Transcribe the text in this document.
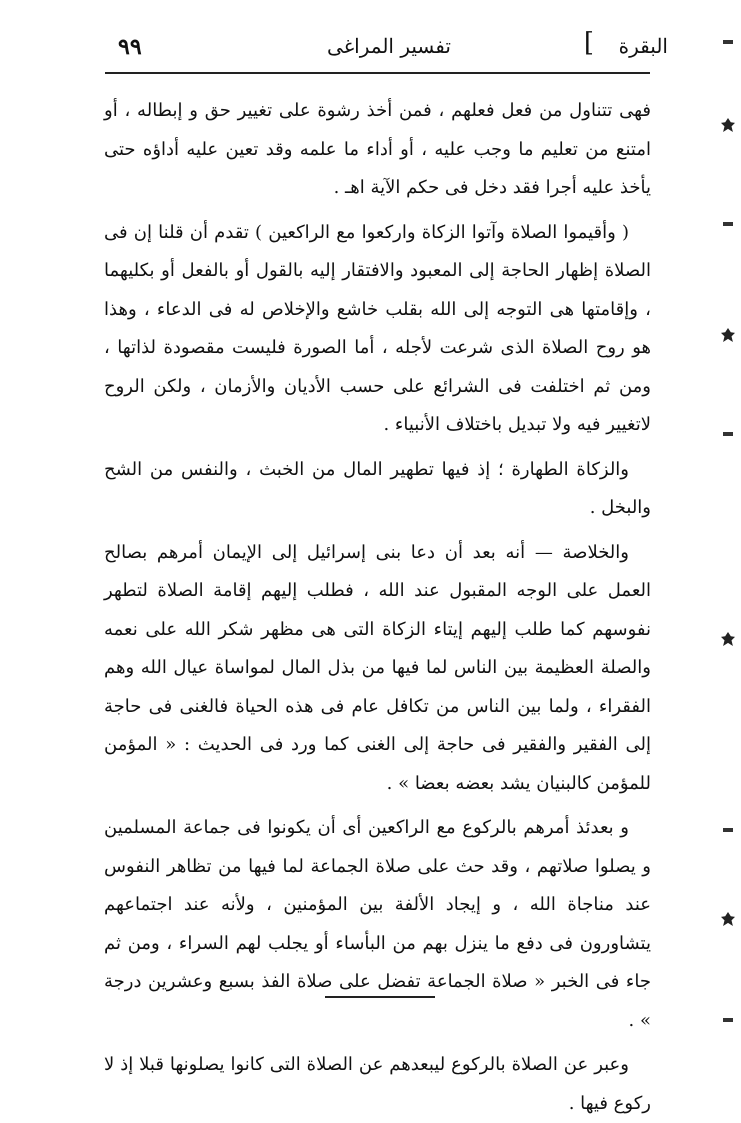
البقرة
]
تفسير المراغى
٩٩

فهى تتناول من فعل فعلهم ، فمن أخذ رشوة على تغيير حق و إبطاله ، أو امتنع من تعليم ما وجب عليه ، أو أداء ما علمه وقد تعين عليه أداؤه حتى يأخذ عليه أجرا فقد دخل فى حكم الآية اهـ .

( وأقيموا الصلاة وآتوا الزكاة واركعوا مع الراكعين ) تقدم أن قلنا إن فى الصلاة إظهار الحاجة إلى المعبود والافتقار إليه بالقول أو بالفعل أو بكليهما ، وإقامتها هى التوجه إلى الله بقلب خاشع والإخلاص له فى الدعاء ، وهذا هو روح الصلاة الذى شرعت لأجله ، أما الصورة فليست مقصودة لذاتها ، ومن ثم اختلفت فى الشرائع على حسب الأديان والأزمان ، ولكن الروح لاتغيير فيه ولا تبديل باختلاف الأنبياء .

والزكاة الطهارة ؛ إذ فيها تطهير المال من الخبث ، والنفس من الشح والبخل .

والخلاصة — أنه بعد أن دعا بنى إسرائيل إلى الإيمان أمرهم بصالح العمل على الوجه المقبول عند الله ، فطلب إليهم إقامة الصلاة لتطهر نفوسهم كما طلب إليهم إيتاء الزكاة التى هى مظهر شكر الله على نعمه والصلة العظيمة بين الناس لما فيها من بذل المال لمواساة عيال الله وهم الفقراء ، ولما بين الناس من تكافل عام فى هذه الحياة فالغنى فى حاجة إلى الفقير والفقير فى حاجة إلى الغنى كما ورد فى الحديث : « المؤمن للمؤمن كالبنيان يشد بعضه بعضا » .

و بعدئذ أمرهم بالركوع مع الراكعين أى أن يكونوا فى جماعة المسلمين و يصلوا صلاتهم ، وقد حث على صلاة الجماعة لما فيها من تظاهر النفوس عند مناجاة الله ، و إيجاد الألفة بين المؤمنين ، ولأنه عند اجتماعهم يتشاورون فى دفع ما ينزل بهم من البأساء أو يجلب لهم السراء ، ومن ثم جاء فى الخبر « صلاة الجماعة تفضل على صلاة الفذ بسبع وعشرين درجة » .

وعبر عن الصلاة بالركوع ليبعدهم عن الصلاة التى كانوا يصلونها قبلا إذ لا ركوع فيها .
